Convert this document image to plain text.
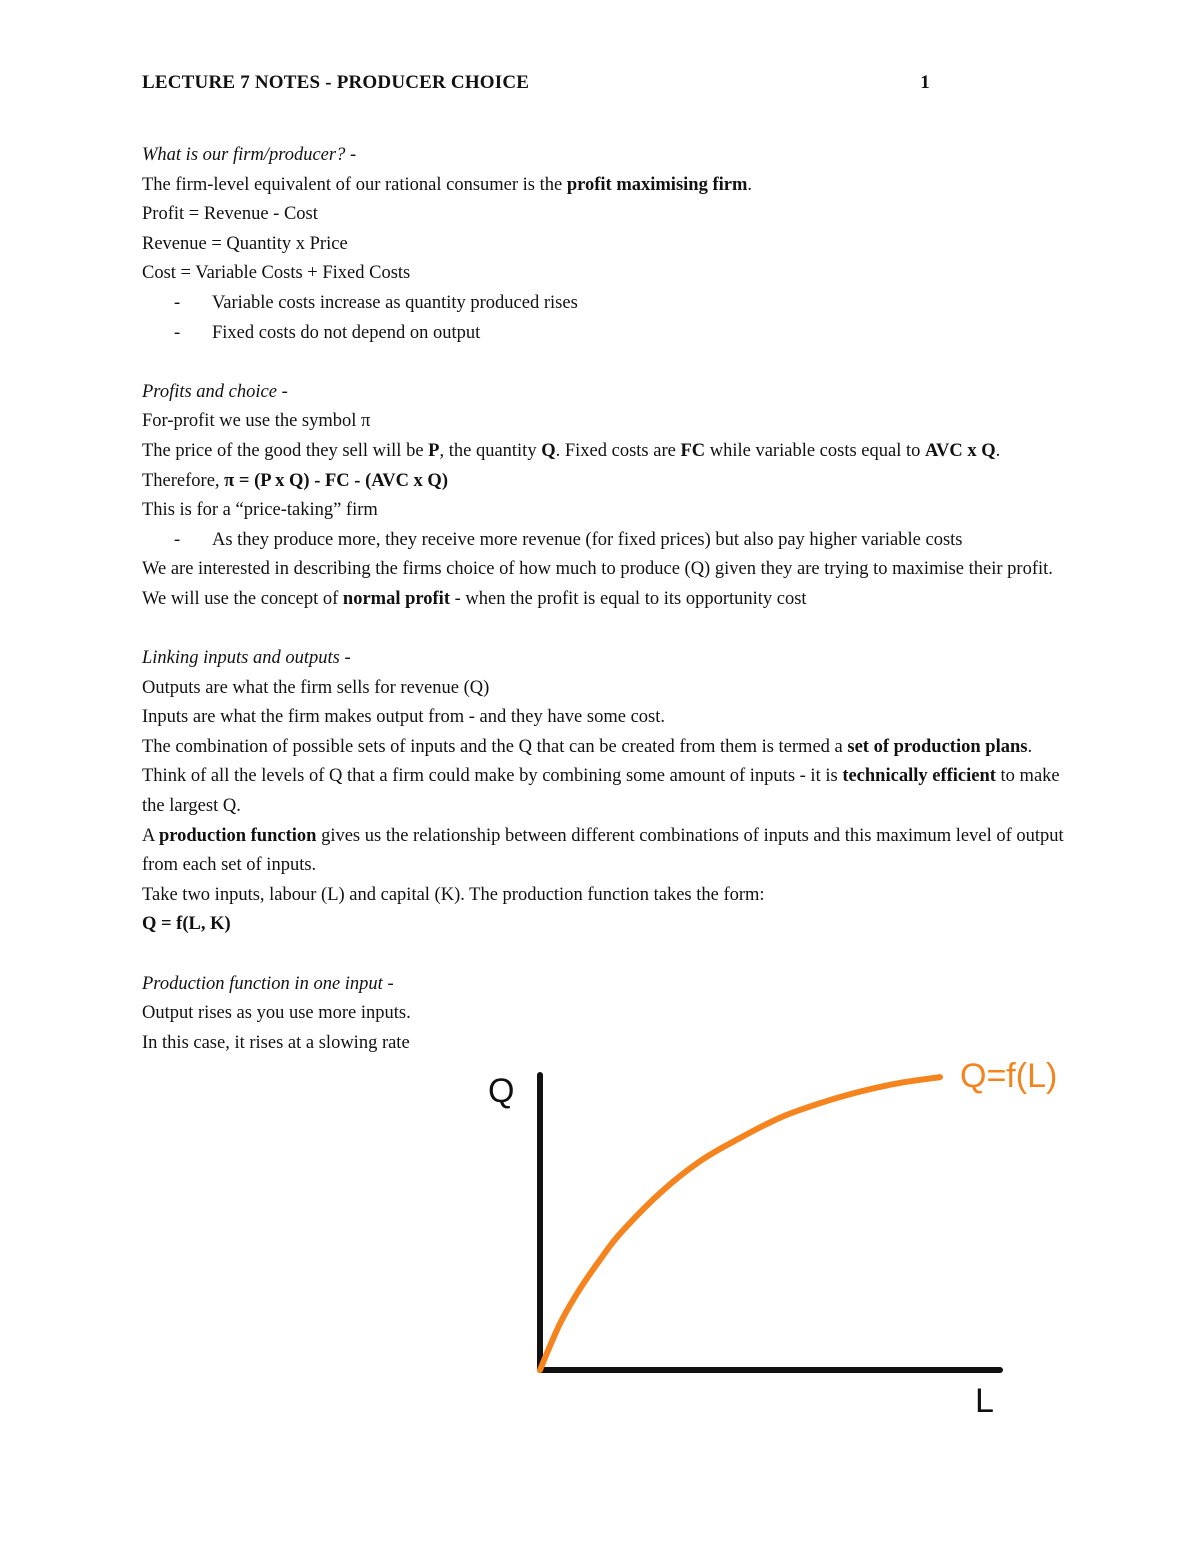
LECTURE 7 NOTES - PRODUCER CHOICE	1
What is our firm/producer? -
The firm-level equivalent of our rational consumer is the profit maximising firm.
Profit = Revenue - Cost
Revenue = Quantity x Price
Cost = Variable Costs + Fixed Costs
- Variable costs increase as quantity produced rises
- Fixed costs do not depend on output
Profits and choice -
For-profit we use the symbol π
The price of the good they sell will be P, the quantity Q. Fixed costs are FC while variable costs equal to AVC x Q.
Therefore, π = (P x Q) - FC - (AVC x Q)
This is for a “price-taking” firm
- As they produce more, they receive more revenue (for fixed prices) but also pay higher variable costs
We are interested in describing the firms choice of how much to produce (Q) given they are trying to maximise their profit. We will use the concept of normal profit - when the profit is equal to its opportunity cost
Linking inputs and outputs -
Outputs are what the firm sells for revenue (Q)
Inputs are what the firm makes output from - and they have some cost.
The combination of possible sets of inputs and the Q that can be created from them is termed a set of production plans.
Think of all the levels of Q that a firm could make by combining some amount of inputs - it is technically efficient to make the largest Q.
A production function gives us the relationship between different combinations of inputs and this maximum level of output from each set of inputs.
Take two inputs, labour (L) and capital (K). The production function takes the form:
Q = f(L, K)
Production function in one input -
Output rises as you use more inputs.
In this case, it rises at a slowing rate
Q
L
Q=f(L)
